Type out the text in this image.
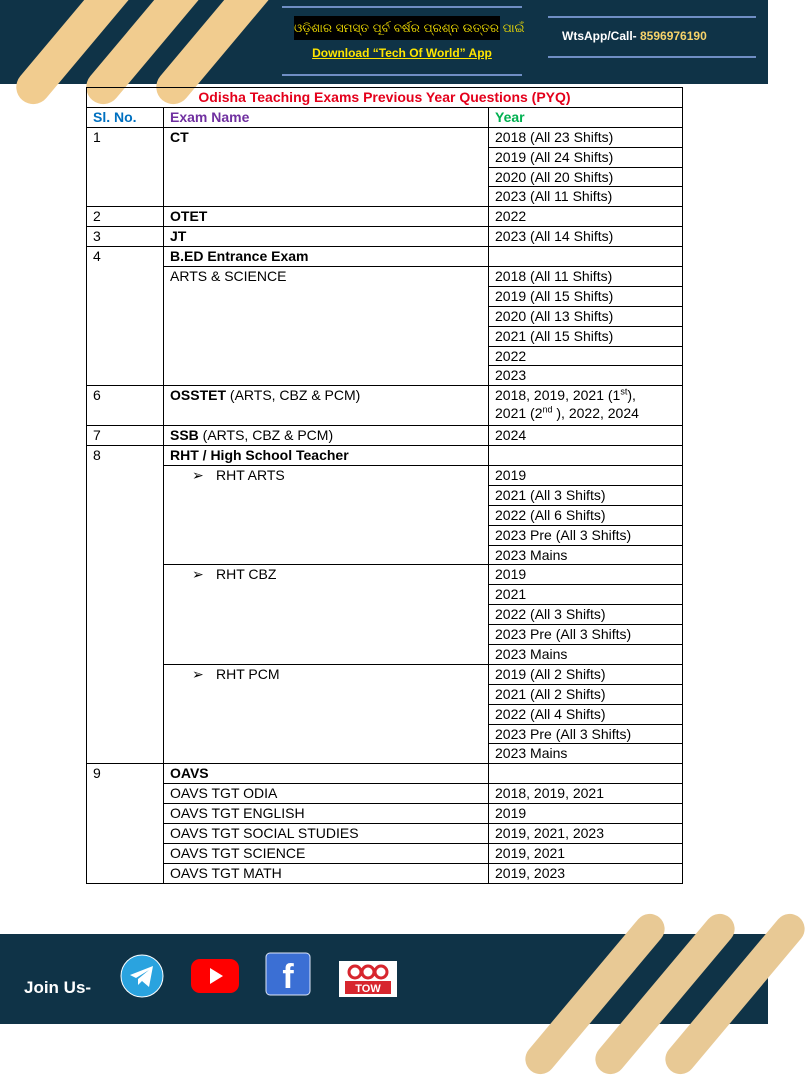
ଓଡ଼ିଶାର ସମସ୍ତ ପୂର୍ବ ବର୍ଷର ପ୍ରଶ୍ନ ଉତ୍ତର ପାଇଁ
Download “Tech Of World” App
WtsApp/Call- 8596976190
Odisha Teaching Exams Previous Year Questions (PYQ)		
Sl. No.	Exam Name	Year
1	CT	2018 (All 23 Shifts)
		2019 (All 24 Shifts)
		2020 (All 20 Shifts)
		2023 (All 11 Shifts)
2	OTET	2022
3	JT	2023 (All 14 Shifts)
4	B.ED Entrance Exam	
	ARTS & SCIENCE	2018 (All 11 Shifts)
		2019 (All 15 Shifts)
		2020 (All 13 Shifts)
		2021 (All 15 Shifts)
		2022
		2023
6	OSSTET (ARTS, CBZ & PCM)	2018, 2019, 2021 (1st),
2021 (2nd ), 2022, 2024

7	SSB (ARTS, CBZ & PCM)	2024
8	RHT / High School Teacher	
	➢ RHT ARTS	2019
		2021 (All 3 Shifts)
		2022 (All 6 Shifts)
		2023 Pre (All 3 Shifts)
		2023 Mains
	➢ RHT CBZ	2019
		2021
		2022 (All 3 Shifts)
		2023 Pre (All 3 Shifts)
		2023 Mains
	➢ RHT PCM	2019 (All 2 Shifts)
		2021 (All 2 Shifts)
		2022 (All 4 Shifts)
		2023 Pre (All 3 Shifts)
		2023 Mains
9	OAVS	
	OAVS TGT ODIA	2018, 2019, 2021
	OAVS TGT ENGLISH	2019
	OAVS TGT SOCIAL STUDIES	2019, 2021, 2023
	OAVS TGT SCIENCE	2019, 2021
	OAVS TGT MATH	2019, 2023
Join Us-	f	TOW
